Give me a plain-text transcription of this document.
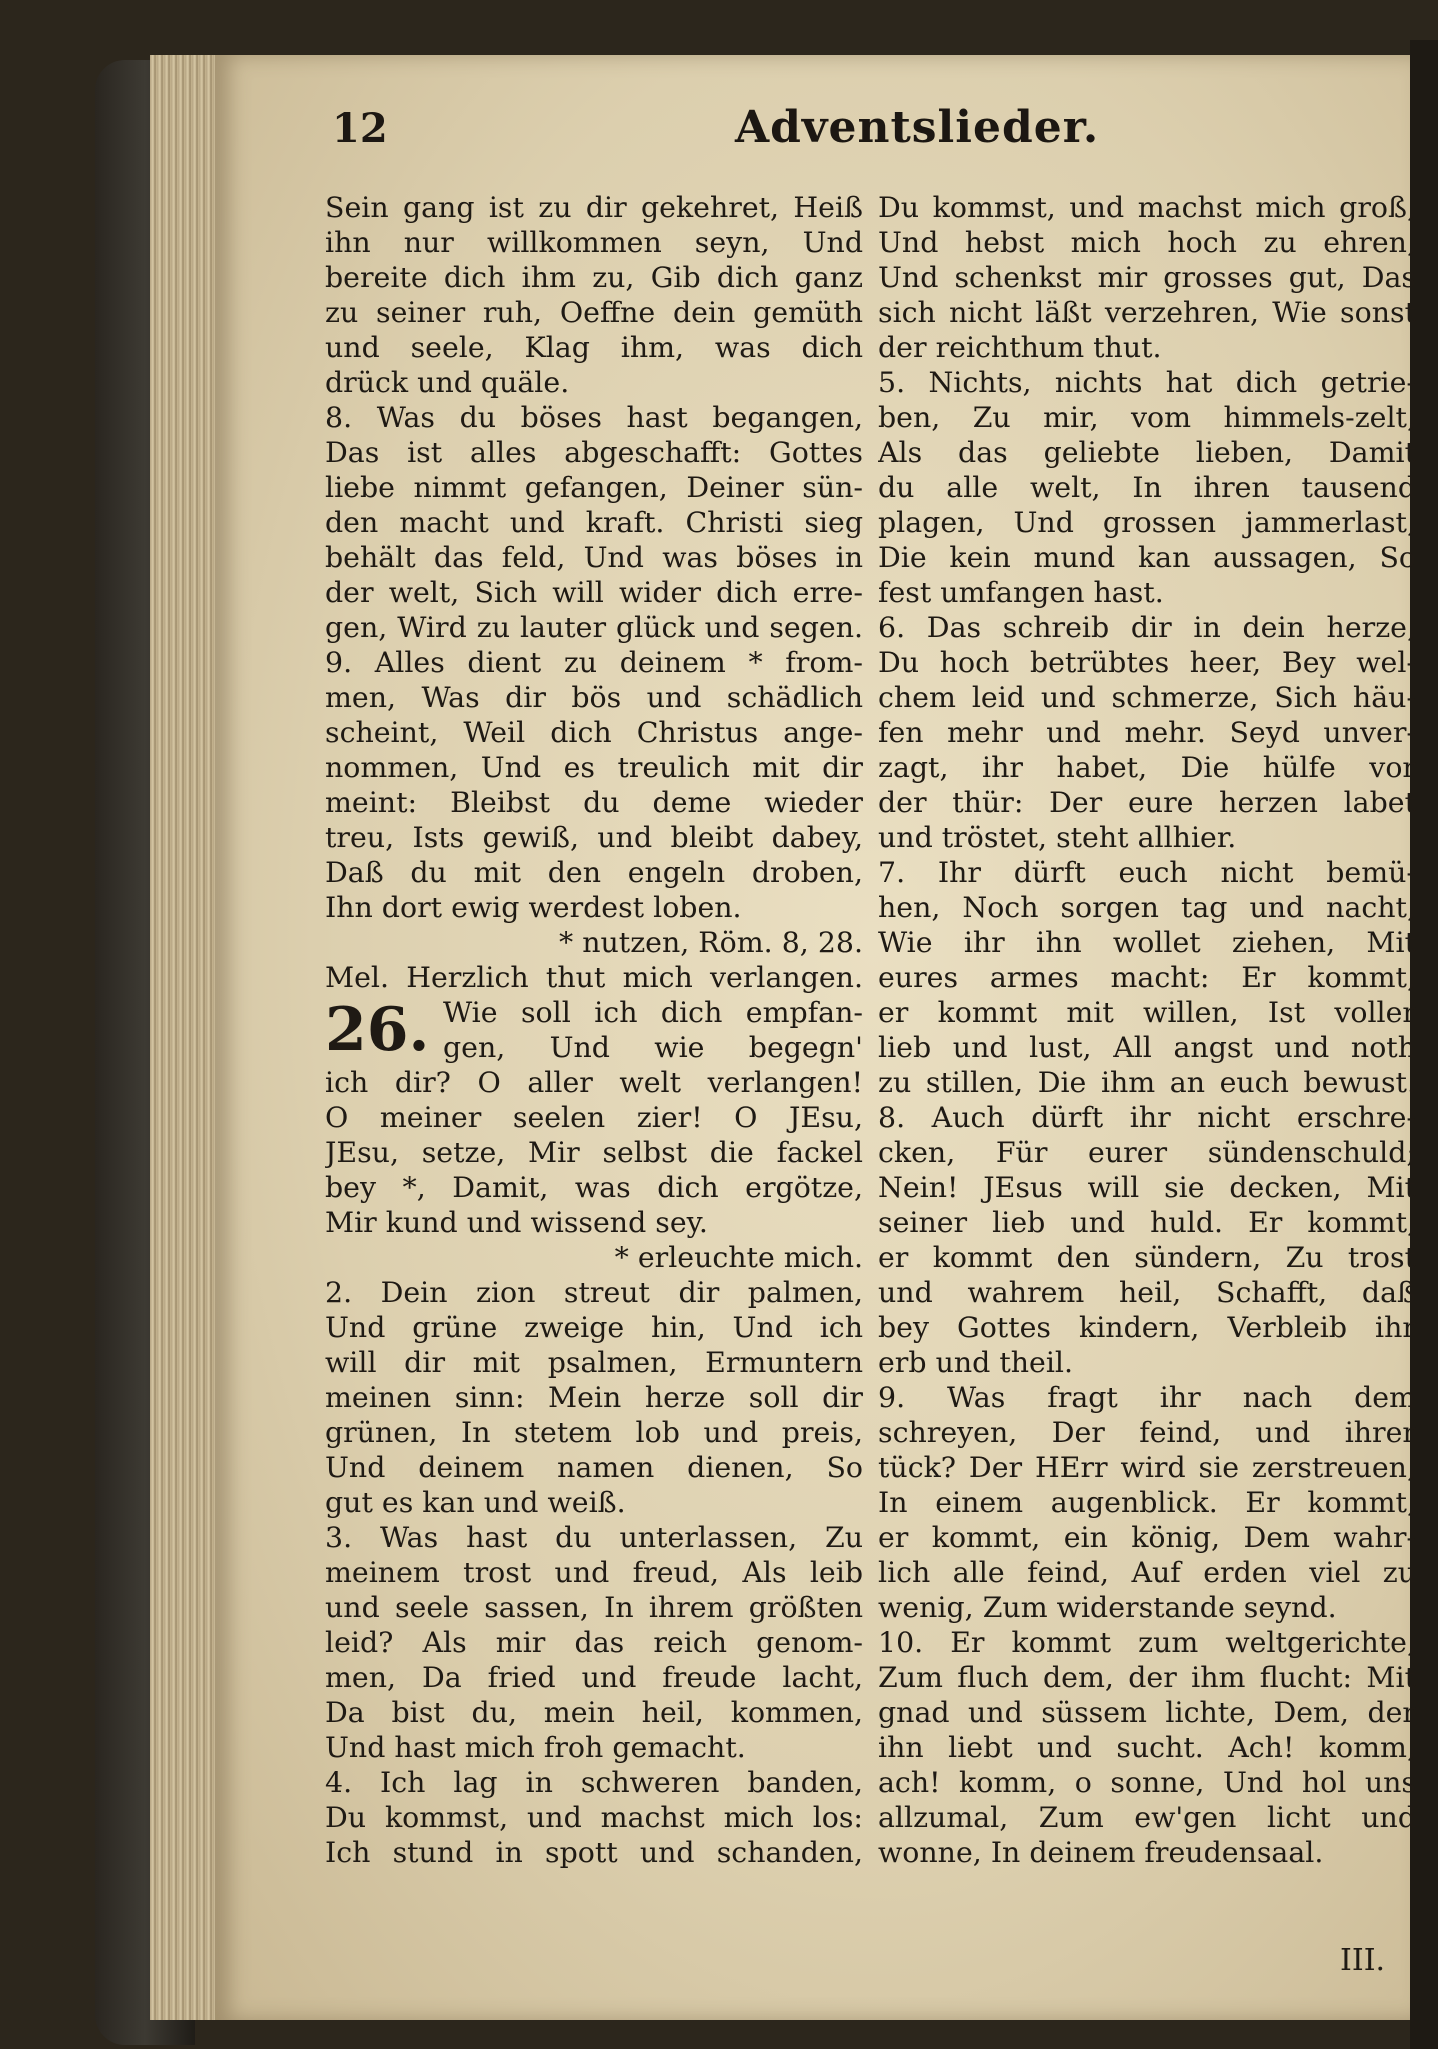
12	Adventslieder.
Sein gang ist zu dir gekehret, Heiß
ihn nur willkommen seyn, Und
bereite dich ihm zu, Gib dich ganz
zu seiner ruh, Oeffne dein gemüth
und seele, Klag ihm, was dich
drück und quäle.
8. Was du böses hast begangen,
Das ist alles abgeschafft: Gottes
liebe nimmt gefangen, Deiner sün-
den macht und kraft. Christi sieg
behält das feld, Und was böses in
der welt, Sich will wider dich erre-
gen, Wird zu lauter glück und segen.
9. Alles dient zu deinem * from-
men, Was dir bös und schädlich
scheint, Weil dich Christus ange-
nommen, Und es treulich mit dir
meint: Bleibst du deme wieder
treu, Ists gewiß, und bleibt dabey,
Daß du mit den engeln droben,
Ihn dort ewig werdest loben.
* nutzen, Röm. 8, 28.
Mel. Herzlich thut mich verlangen.
26. Wie soll ich dich empfan-
gen, Und wie begegn'
ich dir? O aller welt verlangen!
O meiner seelen zier! O JEsu,
JEsu, setze, Mir selbst die fackel
bey *, Damit, was dich ergötze,
Mir kund und wissend sey.
* erleuchte mich.
2. Dein zion streut dir palmen,
Und grüne zweige hin, Und ich
will dir mit psalmen, Ermuntern
meinen sinn: Mein herze soll dir
grünen, In stetem lob und preis,
Und deinem namen dienen, So
gut es kan und weiß.
3. Was hast du unterlassen, Zu
meinem trost und freud, Als leib
und seele sassen, In ihrem größten
leid? Als mir das reich genom-
men, Da fried und freude lacht,
Da bist du, mein heil, kommen,
Und hast mich froh gemacht.
4. Ich lag in schweren banden,
Du kommst, und machst mich los:
Ich stund in spott und schanden,
Du kommst, und machst mich groß,
Und hebst mich hoch zu ehren,
Und schenkst mir grosses gut, Das
sich nicht läßt verzehren, Wie sonst
der reichthum thut.
5. Nichts, nichts hat dich getrie-
ben, Zu mir, vom himmels-zelt,
Als das geliebte lieben, Damit
du alle welt, In ihren tausend
plagen, Und grossen jammerlast,
Die kein mund kan aussagen, So
fest umfangen hast.
6. Das schreib dir in dein herze,
Du hoch betrübtes heer, Bey wel-
chem leid und schmerze, Sich häu-
fen mehr und mehr. Seyd unver-
zagt, ihr habet, Die hülfe vor
der thür: Der eure herzen labet
und tröstet, steht allhier.
7. Ihr dürft euch nicht bemü-
hen, Noch sorgen tag und nacht,
Wie ihr ihn wollet ziehen, Mit
eures armes macht: Er kommt,
er kommt mit willen, Ist voller
lieb und lust, All angst und noth
zu stillen, Die ihm an euch bewust.
8. Auch dürft ihr nicht erschre-
cken, Für eurer sündenschuld;
Nein! JEsus will sie decken, Mit
seiner lieb und huld. Er kommt,
er kommt den sündern, Zu trost
und wahrem heil, Schafft, daß
bey Gottes kindern, Verbleib ihr
erb und theil.
9. Was fragt ihr nach dem
schreyen, Der feind, und ihrer
tück? Der HErr wird sie zerstreuen,
In einem augenblick. Er kommt,
er kommt, ein könig, Dem wahr-
lich alle feind, Auf erden viel zu
wenig, Zum widerstande seynd.
10. Er kommt zum weltgerichte,
Zum fluch dem, der ihm flucht: Mit
gnad und süssem lichte, Dem, der
ihn liebt und sucht. Ach! komm,
ach! komm, o sonne, Und hol uns
allzumal, Zum ew'gen licht und
wonne, In deinem freudensaal.
III.
